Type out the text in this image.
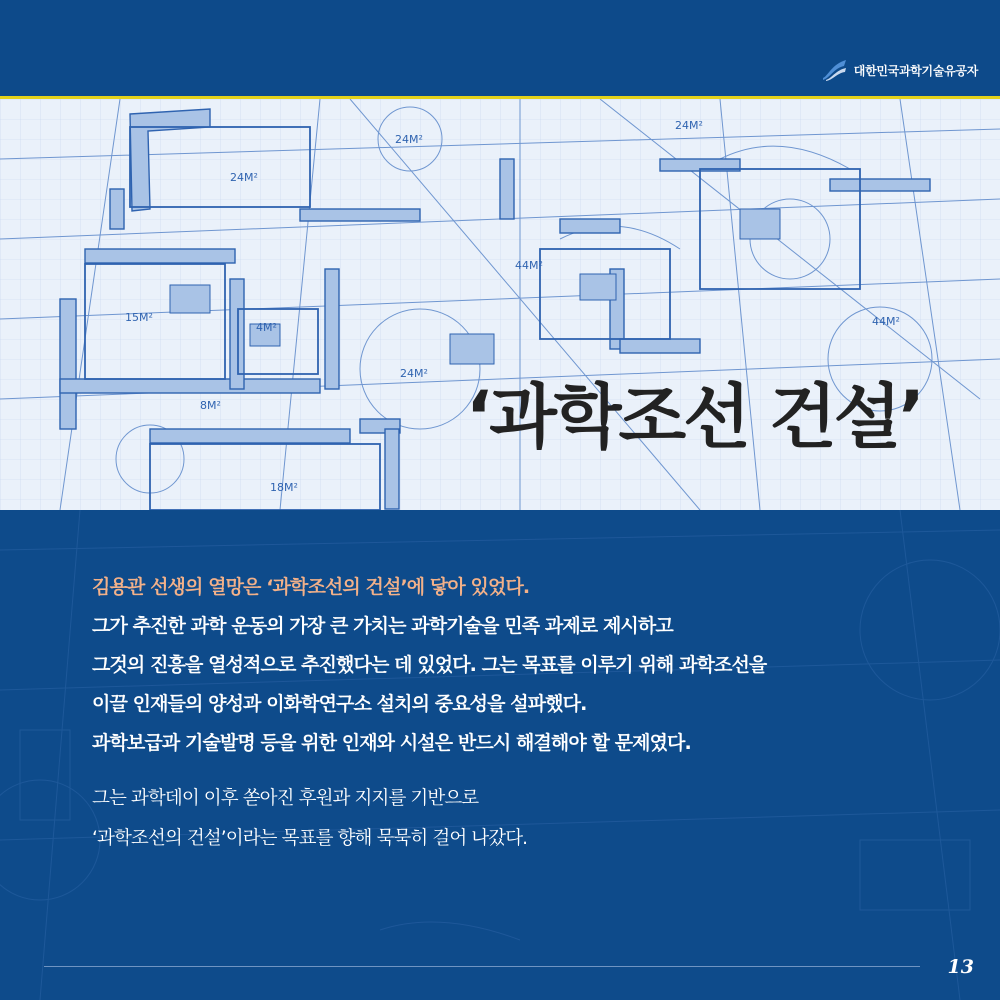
대한민국과학기술유공자
24M²
24M²
24M²
15M²
4M²
8M²
18M²
24M²
44M²
44M²
‘과학조선 건설’

김용관 선생의 열망은 ‘과학조선의 건설’에 닿아 있었다.

그가 추진한 과학 운동의 가장 큰 가치는 과학기술을 민족 과제로 제시하고

그것의 진흥을 열성적으로 추진했다는 데 있었다. 그는 목표를 이루기 위해 과학조선을

이끌 인재들의 양성과 이화학연구소 설치의 중요성을 설파했다.

과학보급과 기술발명 등을 위한 인재와 시설은 반드시 해결해야 할 문제였다.

그는 과학데이 이후 쏟아진 후원과 지지를 기반으로

‘과학조선의 건설’이라는 목표를 향해 묵묵히 걸어 나갔다.

13
